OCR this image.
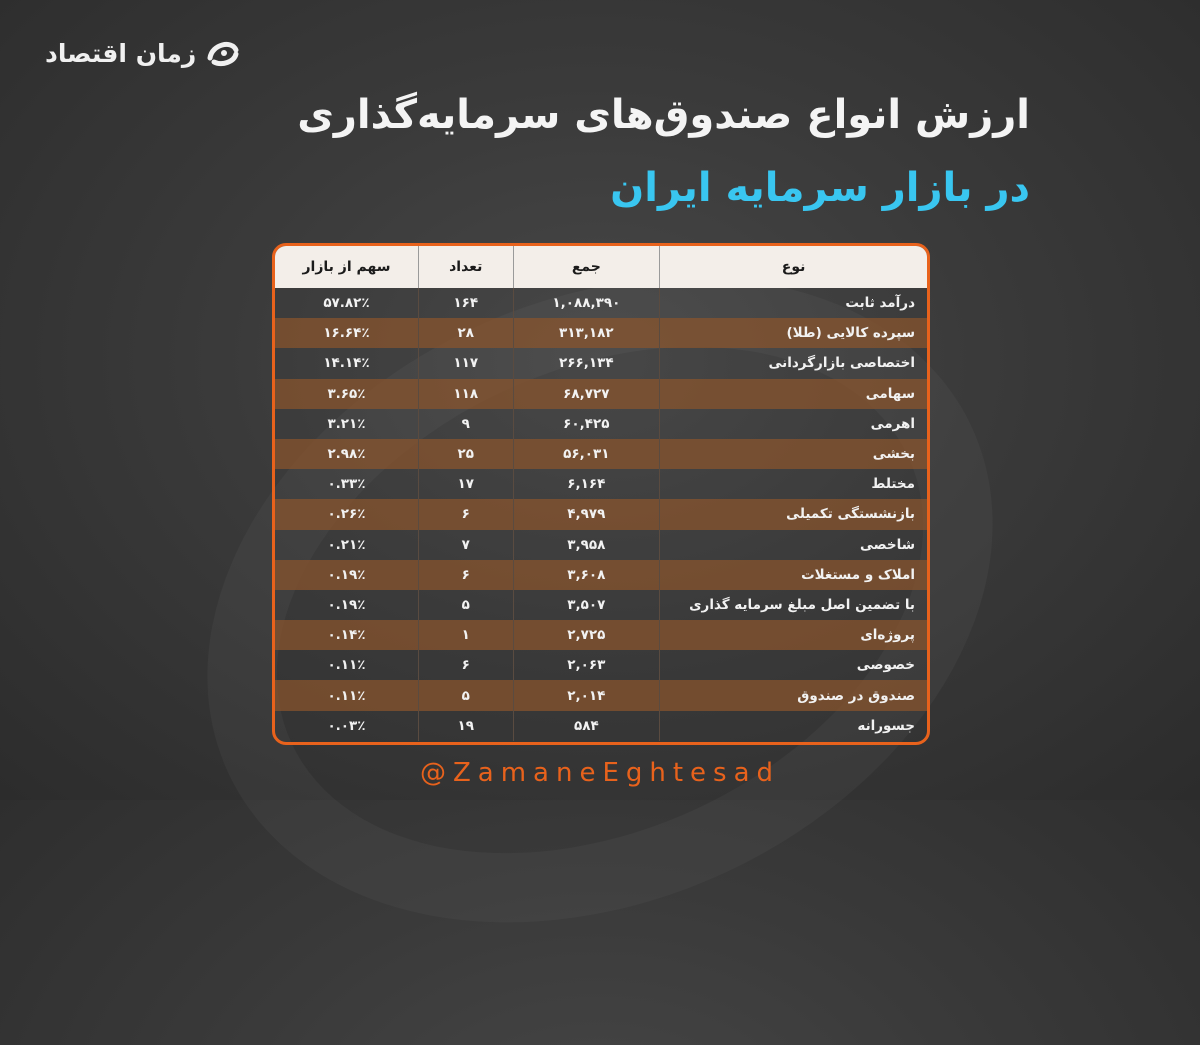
زمان اقتصاد
ارزش انواع صندوق‌های سرمایه‌گذاری
در بازار سرمایه ایران
نوع	جمع	تعداد	سهم از بازار
درآمد ثابت	۱,۰۸۸,۳۹۰	۱۶۴	۵۷.۸۲٪
سپرده کالایی (طلا)	۳۱۳,۱۸۲	۲۸	۱۶.۶۴٪
اختصاصی بازارگردانی	۲۶۶,۱۳۴	۱۱۷	۱۴.۱۴٪
سهامی	۶۸,۷۲۷	۱۱۸	۳.۶۵٪
اهرمی	۶۰,۴۲۵	۹	۳.۲۱٪
بخشی	۵۶,۰۳۱	۲۵	۲.۹۸٪
مختلط	۶,۱۶۴	۱۷	۰.۳۳٪
بازنشستگی تکمیلی	۴,۹۷۹	۶	۰.۲۶٪
شاخصی	۳,۹۵۸	۷	۰.۲۱٪
املاک و مستغلات	۳,۶۰۸	۶	۰.۱۹٪
با تضمین اصل مبلغ سرمایه گذاری	۳,۵۰۷	۵	۰.۱۹٪
پروژه‌ای	۲,۷۲۵	۱	۰.۱۴٪
خصوصی	۲,۰۶۳	۶	۰.۱۱٪
صندوق در صندوق	۲,۰۱۴	۵	۰.۱۱٪
جسورانه	۵۸۴	۱۹	۰.۰۳٪
@ZamaneEghtesad
